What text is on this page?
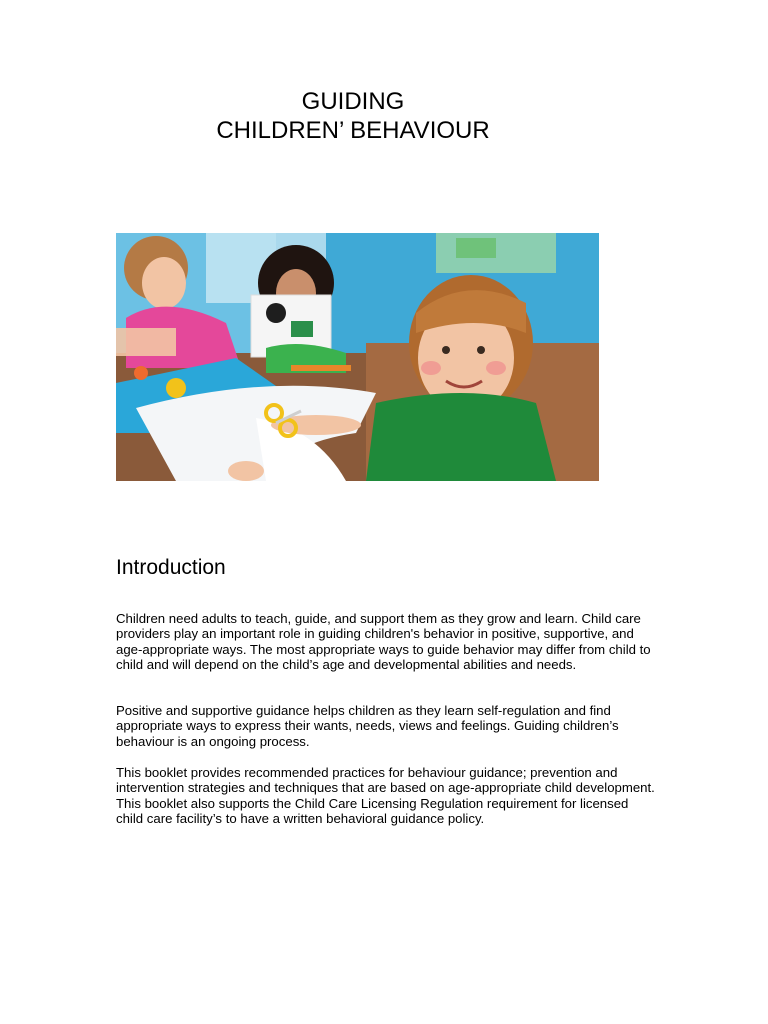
GUIDING
CHILDREN’ BEHAVIOUR
Introduction

Children need adults to teach, guide, and support them as they grow and learn. Child care providers play an important role in guiding children's behavior in positive, supportive, and age-appropriate ways. The most appropriate ways to guide behavior may differ from child to child and will depend on the child’s age and developmental abilities and needs.

Positive and supportive guidance helps children as they learn self-regulation and find appropriate ways to express their wants, needs, views and feelings. Guiding children’s behaviour is an ongoing process.

This booklet provides recommended practices for behaviour guidance; prevention and intervention strategies and techniques that are based on age-appropriate child development. This booklet also supports the Child Care Licensing Regulation requirement for licensed child care facility’s to have a written behavioral guidance policy.
